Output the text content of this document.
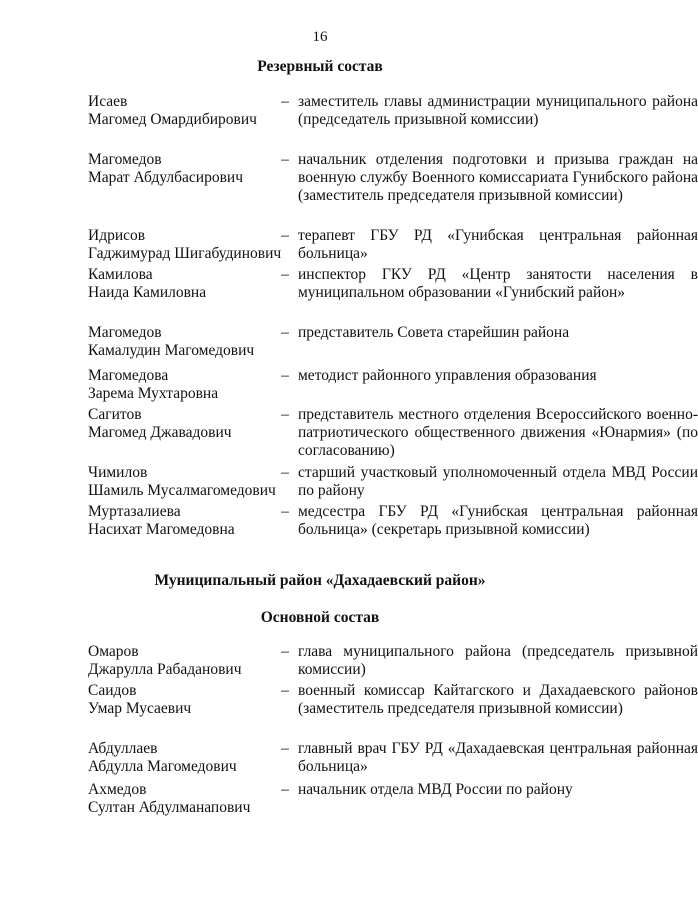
16
Резервный состав
Исаев
Магомед Омардибирович
– заместитель главы администрации муниципального района (председатель призывной комиссии)
Магомедов
Марат Абдулбасирович
– начальник отделения подготовки и призыва граждан на военную службу Военного комиссариата Гунибского района (заместитель председателя призывной комиссии)
Идрисов
Гаджимурад Шигабудинович
– терапевт ГБУ РД «Гунибская центральная районная больница»
Камилова
Наида Камиловна
– инспектор ГКУ РД «Центр занятости населения в муниципальном образовании «Гунибский район»
Магомедов
Камалудин Магомедович
– представитель Совета старейшин района
Магомедова
Зарема Мухтаровна
– методист районного управления образования
Сагитов
Магомед Джавадович
– представитель местного отделения Всероссийского военно-патриотического общественного движения «Юнармия» (по согласованию)
Чимилов
Шамиль Мусалмагомедович
– старший участковый уполномоченный отдела МВД России по району
Муртазалиева
Насихат Магомедовна
– медсестра ГБУ РД «Гунибская центральная районная больница» (секретарь призывной комиссии)
Муниципальный район «Дахадаевский район»
Основной состав
Омаров
Джарулла Рабаданович
– глава муниципального района (председатель призывной комиссии)
Саидов
Умар Мусаевич
– военный комиссар Кайтагского и Дахадаевского районов (заместитель председателя призывной комиссии)
Абдуллаев
Абдулла Магомедович
– главный врач ГБУ РД «Дахадаевская центральная районная больница»
Ахмедов
Султан Абдулманапович
– начальник отдела МВД России по району
